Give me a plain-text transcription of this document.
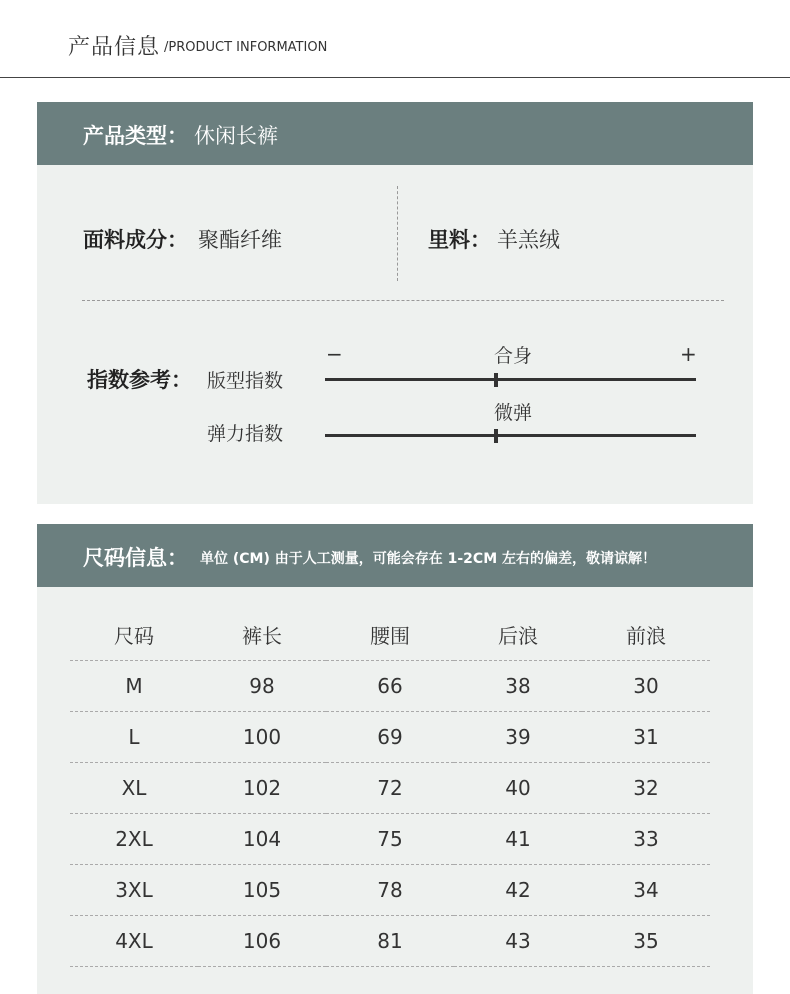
产品信息 /PRODUCT INFORMATION
产品类型： 休闲长裤
面料成分： 聚酯纤维	里料： 羊羔绒
指数参考： 版型指数
−	+
合身
弹力指数
微弹
尺码信息： 单位 (CM) 由于人工测量，可能会存在 1-2CM 左右的偏差，敬请谅解！
尺码	裤长	腰围	后浪	前浪
M	98	66	38	30
L	100	69	39	31
XL	102	72	40	32
2XL	104	75	41	33
3XL	105	78	42	34
4XL	106	81	43	35
